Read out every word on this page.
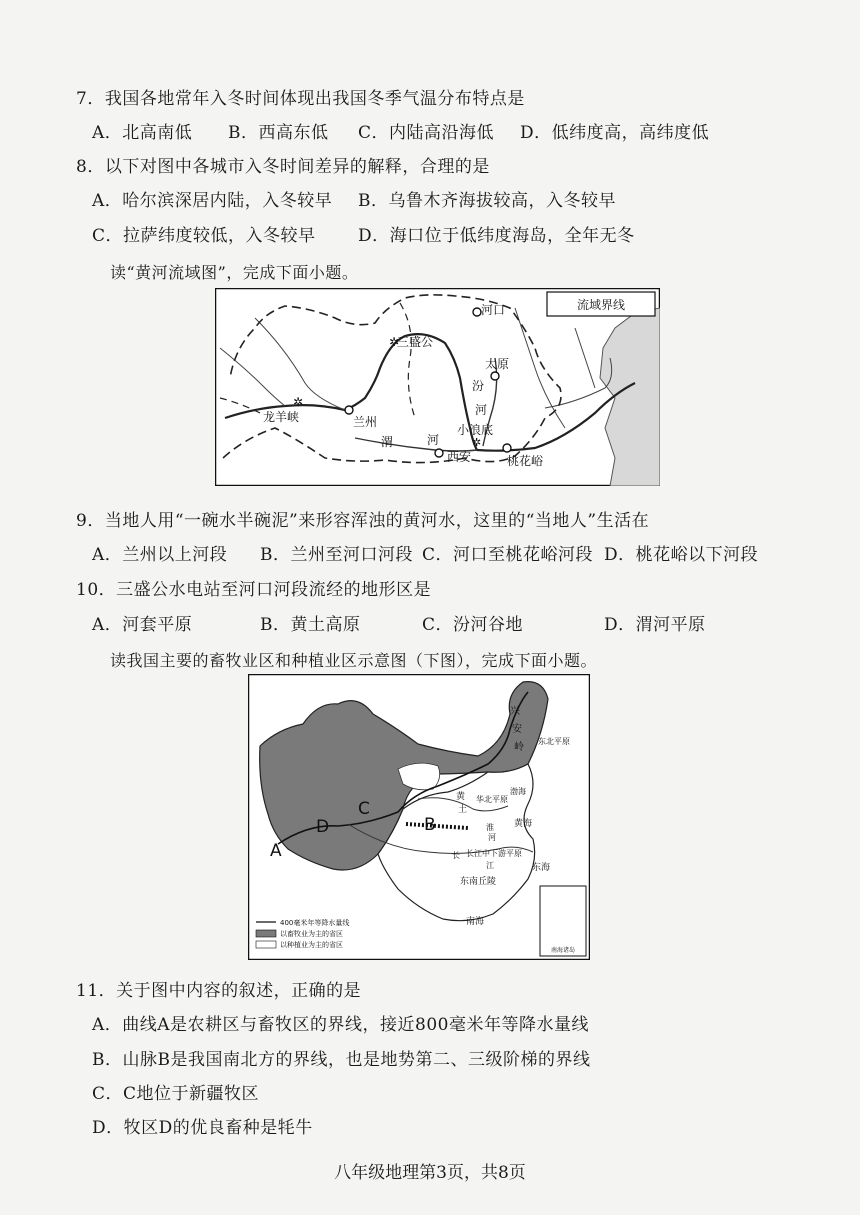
7．我国各地常年入冬时间体现出我国冬季气温分布特点是
A．北高南低 B．西高东低 C．内陆高沿海低 D．低纬度高，高纬度低
8．以下对图中各城市入冬时间差异的解释，合理的是
A．哈尔滨深居内陆，入冬较早 B．乌鲁木齐海拔较高，入冬较早
C．拉萨纬度较低，入冬较早 D．海口位于低纬度海岛，全年无冬
读“黄河流域图”，完成下面小题。
流域界线
河口
三盛公
✲
太原
汾
河
✲
龙羊峡	兰州
小浪底
✲
渭	河
西安	桃花峪
9．当地人用“一碗水半碗泥”来形容浑浊的黄河水，这里的“当地人”生活在
A．兰州以上河段 B．兰州至河口河段 C．河口至桃花峪河段 D．桃花峪以下河段
10．三盛公水电站至河口河段流经的地形区是
A．河套平原	B．黄土高原	C．汾河谷地	D．渭河平原
读我国主要的畜牧业区和种植业区示意图（下图），完成下面小题。
南海诸岛
A
B
C
D
兴
安
岭
东北平原
黄
土
华北平原
渤海
黄海
淮
河
长江中下游平原
长
江
东南丘陵
东海
南海
400毫米年等降水量线
以畜牧业为主的省区
以种植业为主的省区
11．关于图中内容的叙述，正确的是
A．曲线A是农耕区与畜牧区的界线，接近800毫米年等降水量线
B．山脉B是我国南北方的界线，也是地势第二、三级阶梯的界线
C．C地位于新疆牧区
D．牧区D的优良畜种是牦牛
八年级地理第3页，共8页
